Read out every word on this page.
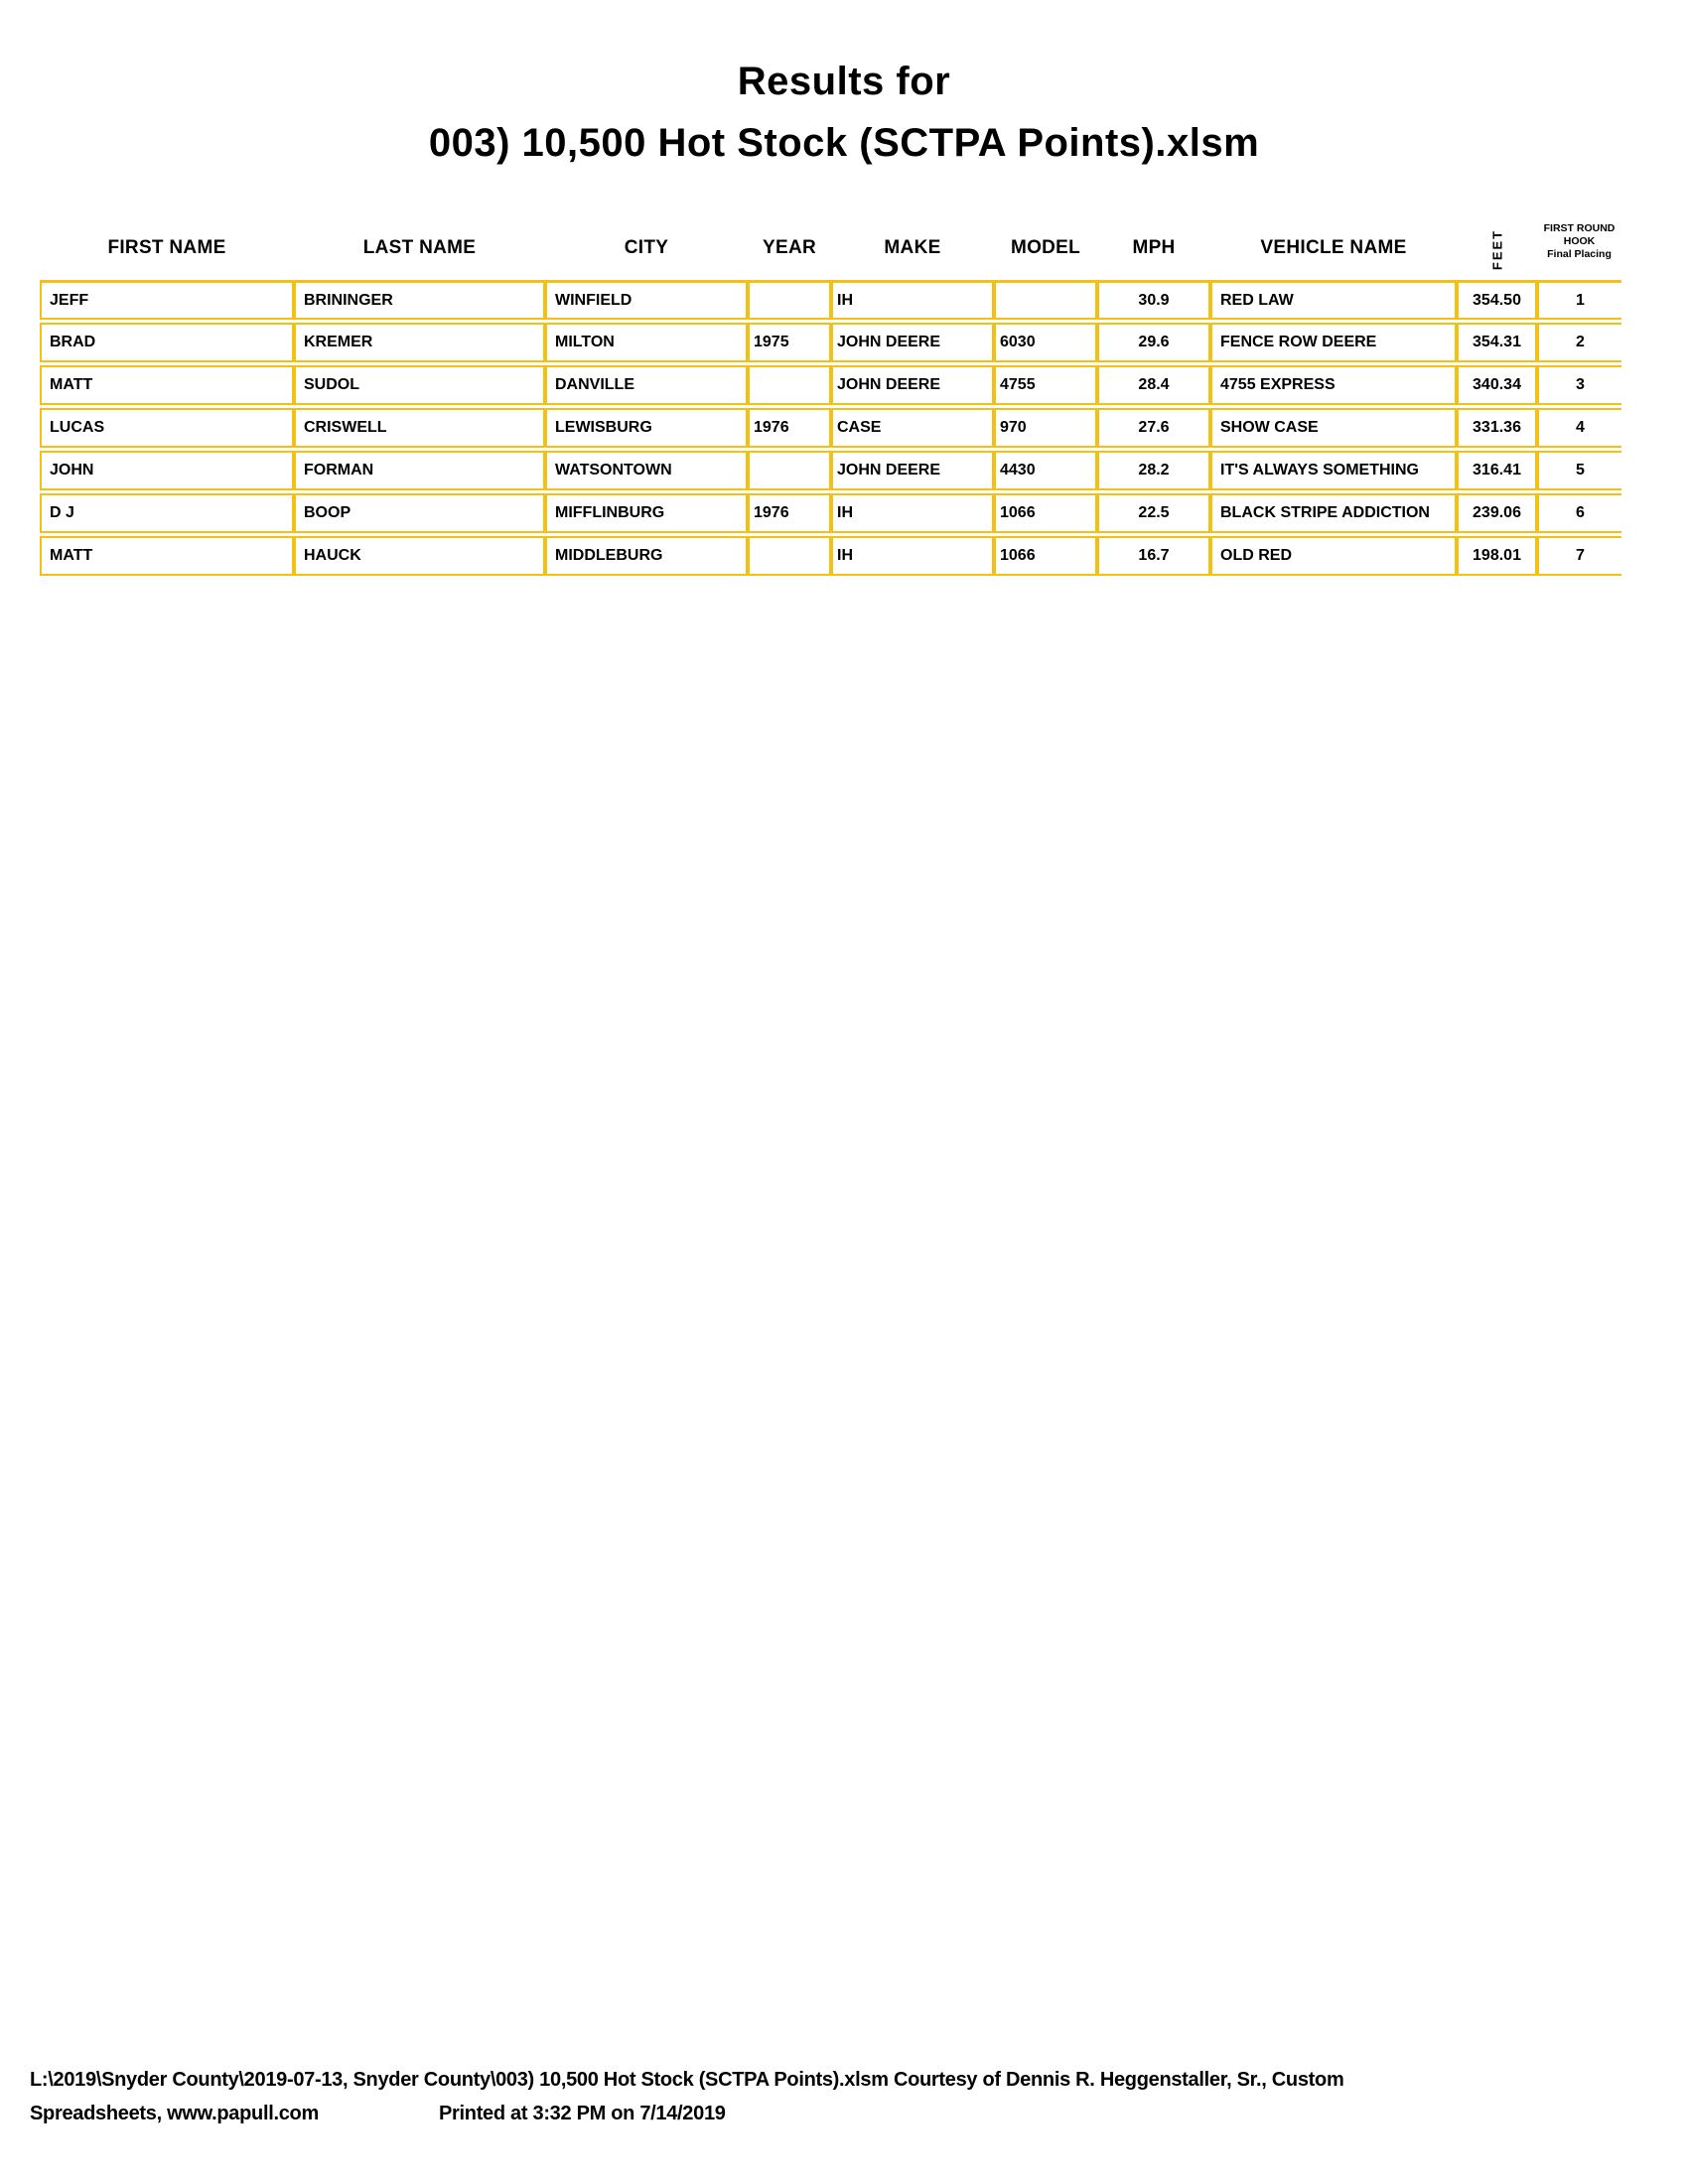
Results for
003) 10,500 Hot Stock (SCTPA Points).xlsm
FIRST NAME	LAST NAME	CITY	YEAR	MAKE	MODEL	MPH	VEHICLE NAME	FEET	FIRST ROUND
HOOK
Final Placing

JEFF	BRININGER	WINFIELD		IH		30.9	RED LAW	354.50	1
BRAD	KREMER	MILTON	1975	JOHN DEERE	6030	29.6	FENCE ROW DEERE	354.31	2
MATT	SUDOL	DANVILLE		JOHN DEERE	4755	28.4	4755 EXPRESS	340.34	3
LUCAS	CRISWELL	LEWISBURG	1976	CASE	970	27.6	SHOW CASE	331.36	4
JOHN	FORMAN	WATSONTOWN		JOHN DEERE	4430	28.2	IT'S ALWAYS SOMETHING	316.41	5
D J	BOOP	MIFFLINBURG	1976	IH	1066	22.5	BLACK STRIPE ADDICTION	239.06	6
MATT	HAUCK	MIDDLEBURG		IH	1066	16.7	OLD RED	198.01	7
L:\2019\Snyder County\2019-07-13, Snyder County\003) 10,500 Hot Stock (SCTPA Points).xlsm Courtesy of Dennis R. Heggenstaller, Sr., Custom
Spreadsheets, www.papull.com	Printed at 3:32 PM on 7/14/2019
